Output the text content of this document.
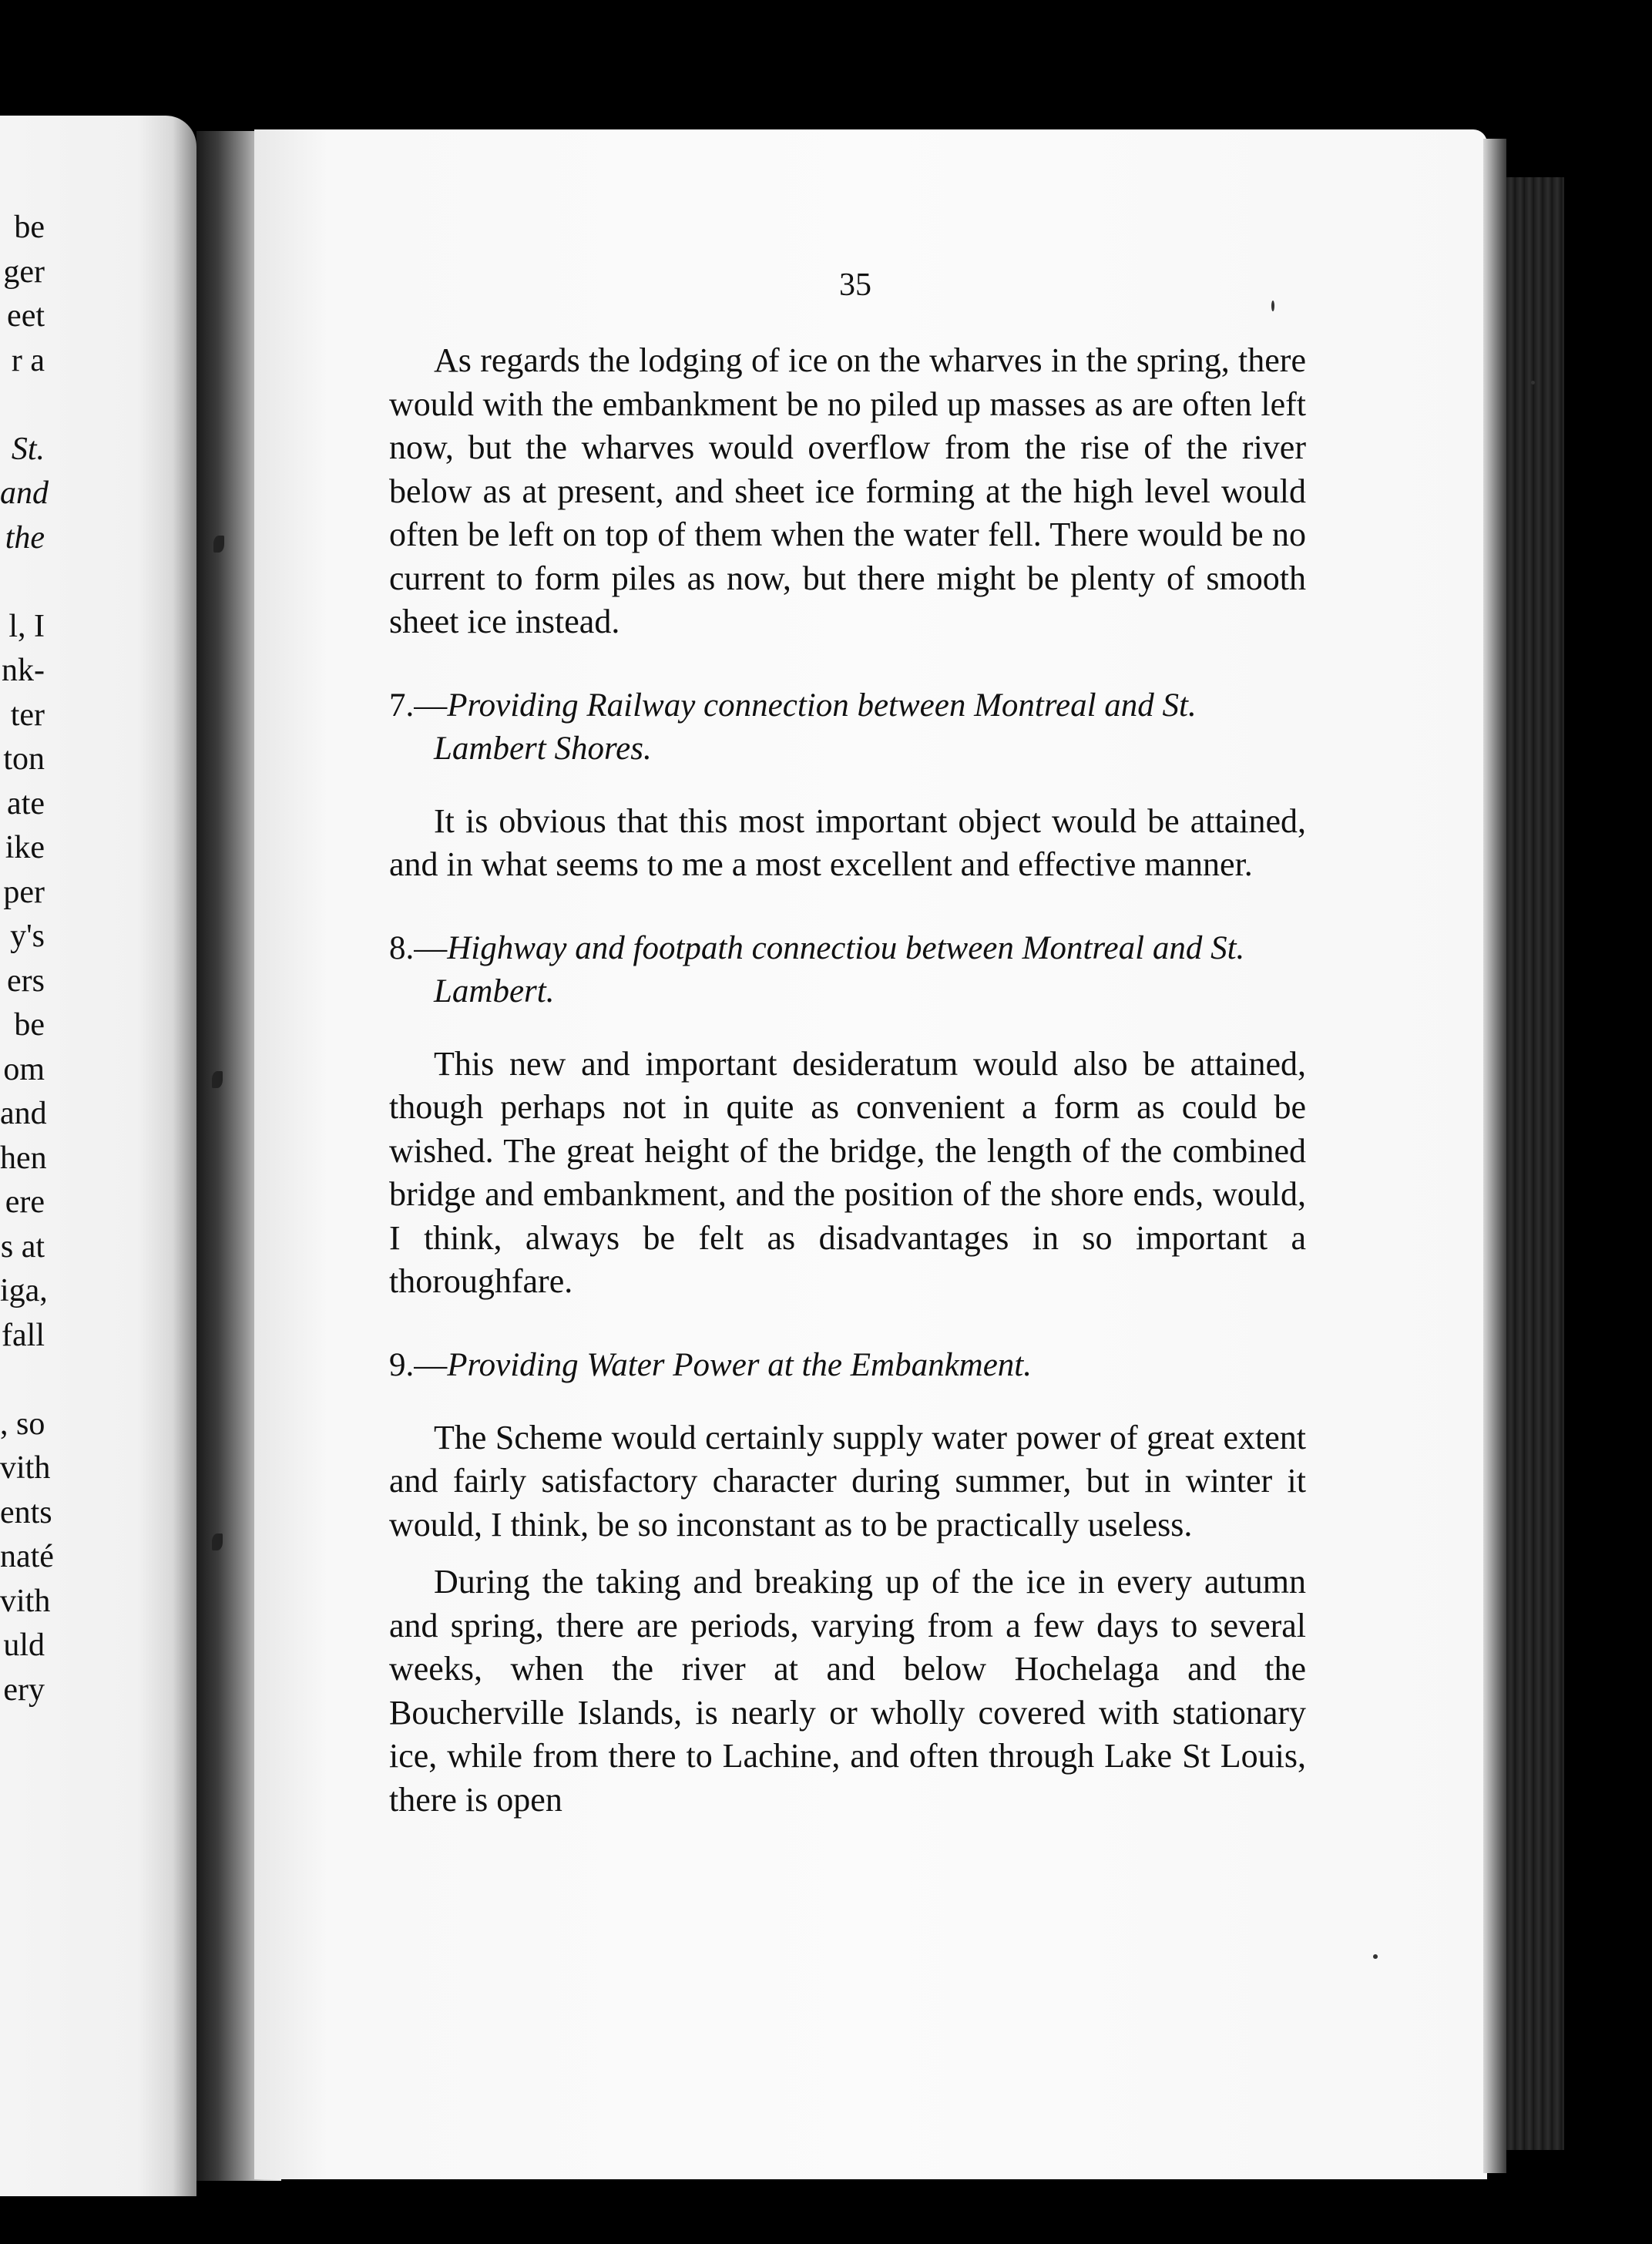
be
ger
eet
r a
St.
and
the
l, I
nk-
ter
ton
ate
ike
per
y's
ers
be
om
and
hen
ere
s at
iga,
fall
, so
vith
ents
naté
vith
uld
ery
35

As regards the lodging of ice on the wharves in the spring, there would with the embankment be no piled up masses as are often left now, but the wharves would overflow from the rise of the river below as at present, and sheet ice forming at the high level would often be left on top of them when the water fell. There would be no current to form piles as now, but there might be plenty of smooth sheet ice instead.

7.—Providing Railway connection between Montreal and St. Lambert Shores.

It is obvious that this most important object would be attained, and in what seems to me a most excellent and effective manner.

8.—Highway and footpath connectiou between Montreal and St. Lambert.

This new and important desideratum would also be attained, though perhaps not in quite as convenient a form as could be wished. The great height of the bridge, the length of the combined bridge and embankment, and the position of the shore ends, would, I think, always be felt as disadvantages in so important a thoroughfare.

9.—Providing Water Power at the Embankment.

The Scheme would certainly supply water power of great extent and fairly satisfactory character during summer, but in winter it would, I think, be so inconstant as to be practically useless.

During the taking and breaking up of the ice in every autumn and spring, there are periods, varying from a few days to several weeks, when the river at and below Hochelaga and the Boucherville Islands, is nearly or wholly covered with stationary ice, while from there to Lachine, and often through Lake St Louis, there is open
